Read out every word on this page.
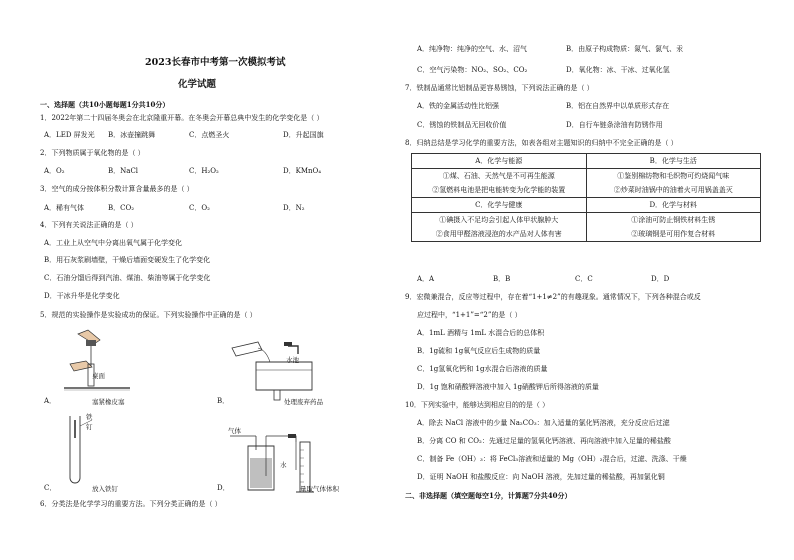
2023长春市中考第一次模拟考试
化学试题
一、选择题（共10小题每题1分共10分）
1．2022年第二十四届冬奥会在北京隆重开幕。在冬奥会开幕总典中发生的化学变化是（ ）
A．LED 屏发光 B．冰壶撞跳舞	C．点燃圣火	D．升起国旗
2．下列物质属于氧化物的是（ ）
A．O₂	B．NaCl	C．H₂O₂	D．KMnO₄
3．空气的成分按体积分数计算含量最多的是（ ）
A．稀有气体	B．CO₂	C．O₂	D．N₂
4．下列有关说法正确的是（ ）
A．工业上从空气中分离出氧气属于化学变化
B．用石灰浆刷墙壁，干燥后墙面变硬发生了化学变化
C．石油分馏后得到汽油、煤油、柴油等属于化学变化
D．干冰升华是化学变化
5．规范的实验操作是实验成功的保证。下列实验操作中正确的是（ ）
桌面
A．	塞紧橡皮塞
水池
B．	处理废弃药品
铁
钉
C．	放入铁钉
气体
水
D．	量取气体体积
6．分类法是化学学习的重要方法。下列分类正确的是（ ）
A．纯净物：纯净的空气、水、沼气	B．由原子构成物质：氮气、氯气、汞
C．空气污染物：NO₂、SO₂、CO₂	D．氧化物：冰、干冰、过氧化氢
7．铁制品通常比铝制品更容易锈蚀，下列说法正确的是（ ）
A．铁的金属活动性比铝强	B．铝在自然界中以单质形式存在
C．锈蚀的铁制品无回收价值	D．自行车链条涂油有防锈作用
8．归纳总结是学习化学的重要方法，如表各组对主题知识的归纳中不完全正确的是（ ）
A．化学与能源	B．化学与生活
①煤、石油、天然气是不可再生能源	①鉴别棉纺物和毛织物可灼烧闻气味
②氢燃料电池是把电能转变为化学能的装置	②炒菜时油锅中的油着火可用锅盖盖灭
C．化学与健康	D．化学与材料
①碘摄入不足均会引起人体甲状腺肿大	①涂油可防止钢铁材料生锈
②食用甲醛溶液浸泡的水产品对人体有害	②玻璃钢是可用作复合材料
A．A	B．B	C．C	D．D
9．宏微兼混合，反应等过程中，存在着“1+1≠2”的有趣现象。通常情况下，下列各种混合或反
应过程中，“1+1”=“2”的是（ ）
A．1mL 酒精与 1mL 水混合后的总体积
B．1g硫和 1g氧气反应后生成物的质量
C．1g氢氧化钙和 1g水混合后溶液的质量
D．1g 饱和硝酸钾溶液中加入 1g硝酸钾后所得溶液的质量
10．下列实验中，能够达到相应目的的是（ ）
A．除去 NaCl 溶液中的少量 Na₂CO₃：加入适量的氯化钙溶液，充分反应后过滤
B．分离 CO 和 CO₂：先通过足量的氢氧化钙溶液、再向溶液中加入足量的稀盐酸
C．制备 Fe（OH）₃：将 FeCl₃溶液和适量的 Mg（OH）₂混合后，过滤、洗涤、干燥
D．证明 NaOH 和盐酸反应：向 NaOH 溶液，先加过量的稀盐酸，再加氯化铜
二、非选择题（填空题每空1分，计算题7分共40分）
